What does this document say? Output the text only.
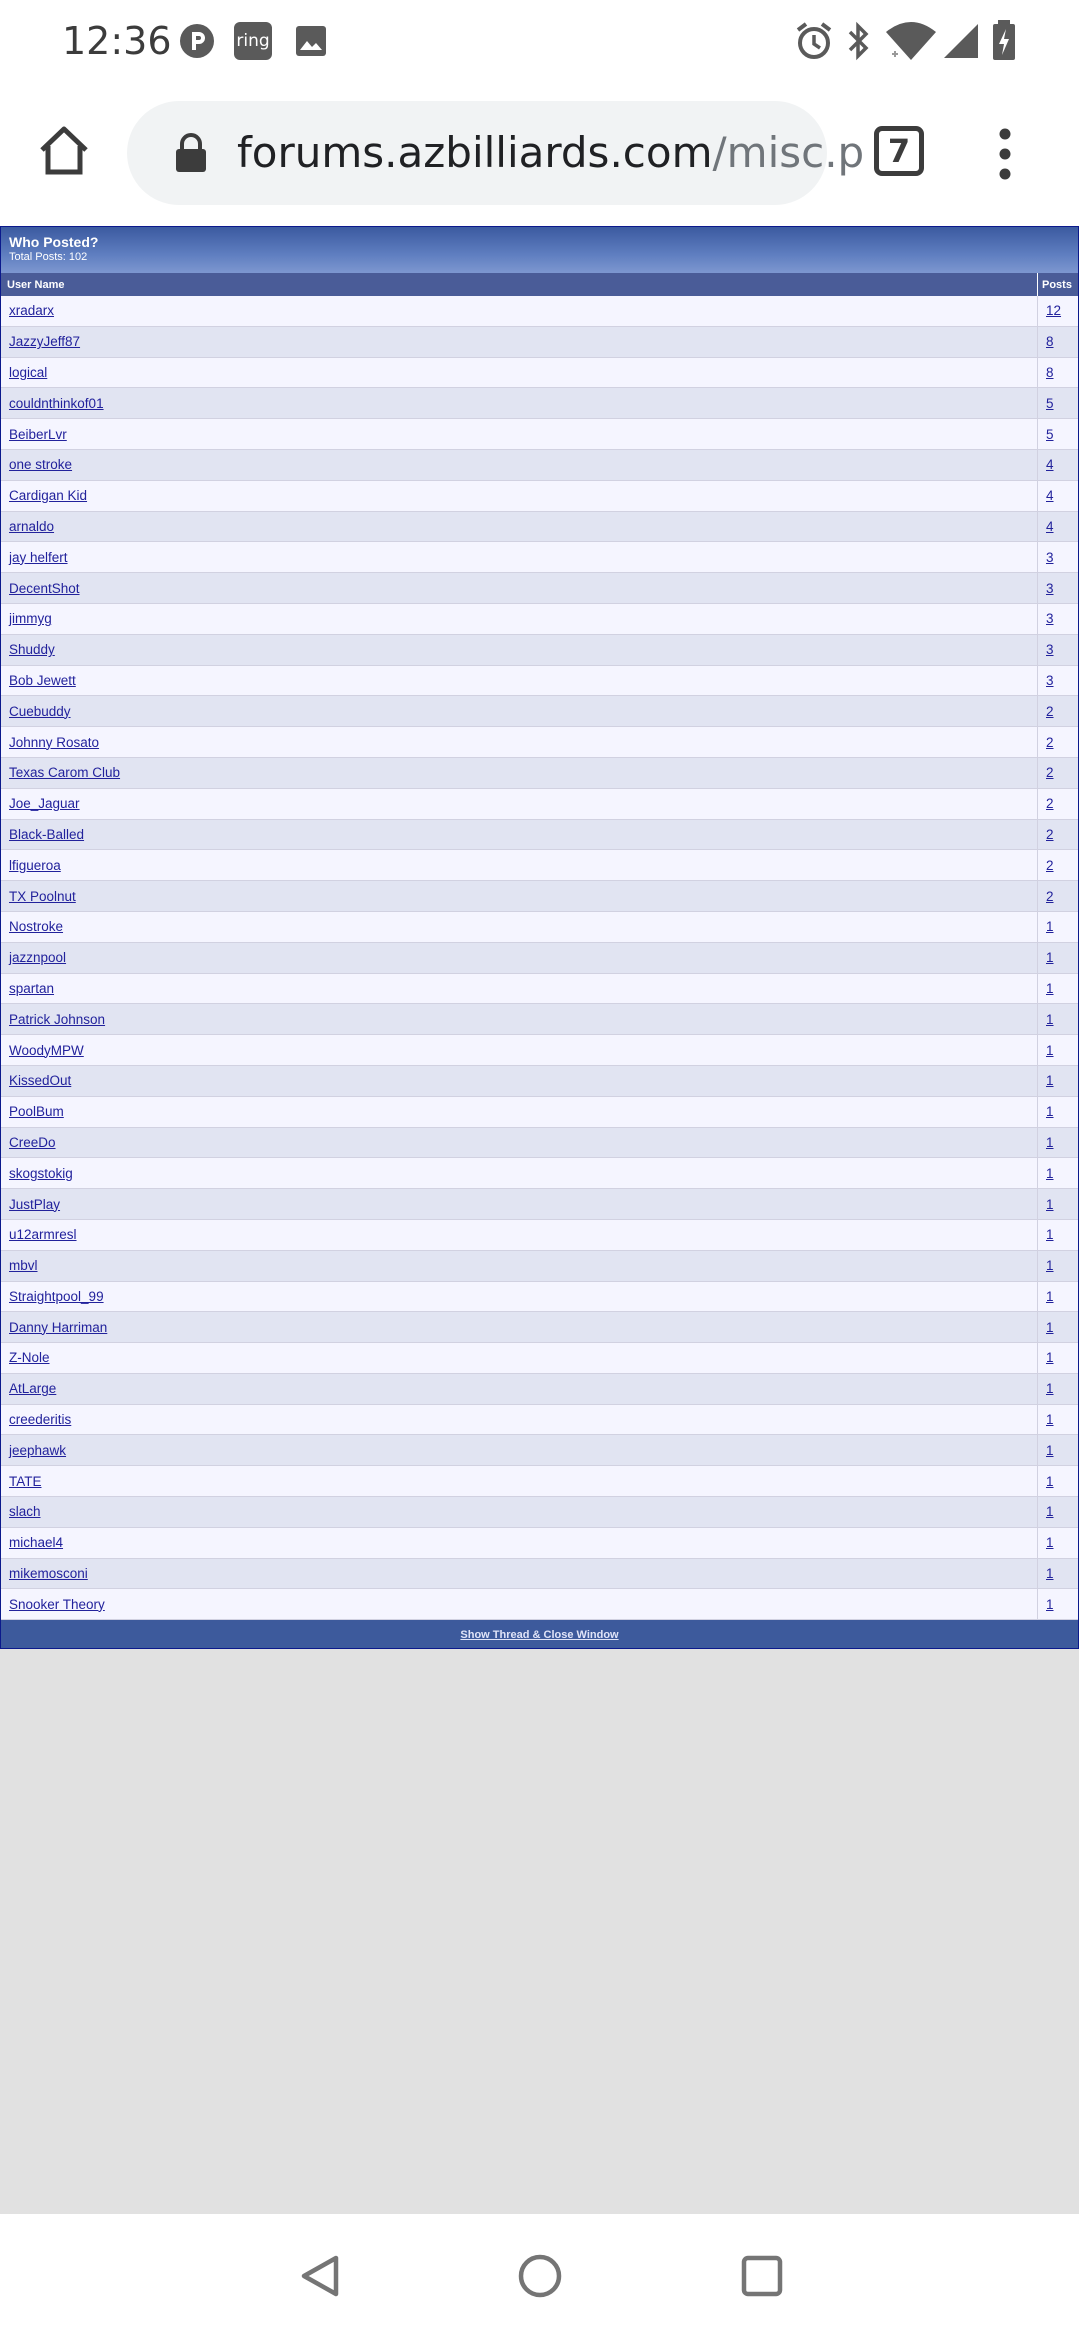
12:36	ring
forums.azbilliards.com/misc.p 7
Who Posted?
Total Posts: 102
User Name	Posts
xradarx	12
JazzyJeff87	8
logical	8
couldnthinkof01	5
BeiberLvr	5
one stroke	4
Cardigan Kid	4
arnaldo	4
jay helfert	3
DecentShot	3
jimmyg	3
Shuddy	3
Bob Jewett	3
Cuebuddy	2
Johnny Rosato	2
Texas Carom Club	2
Joe_Jaguar	2
Black-Balled	2
lfigueroa	2
TX Poolnut	2
Nostroke	1
jazznpool	1
spartan	1
Patrick Johnson	1
WoodyMPW	1
KissedOut	1
PoolBum	1
CreeDo	1
skogstokig	1
JustPlay	1
u12armresl	1
mbvl	1
Straightpool_99	1
Danny Harriman	1
Z-Nole	1
AtLarge	1
creederitis	1
jeephawk	1
TATE	1
slach	1
michael4	1
mikemosconi	1
Snooker Theory	1
Show Thread & Close Window
